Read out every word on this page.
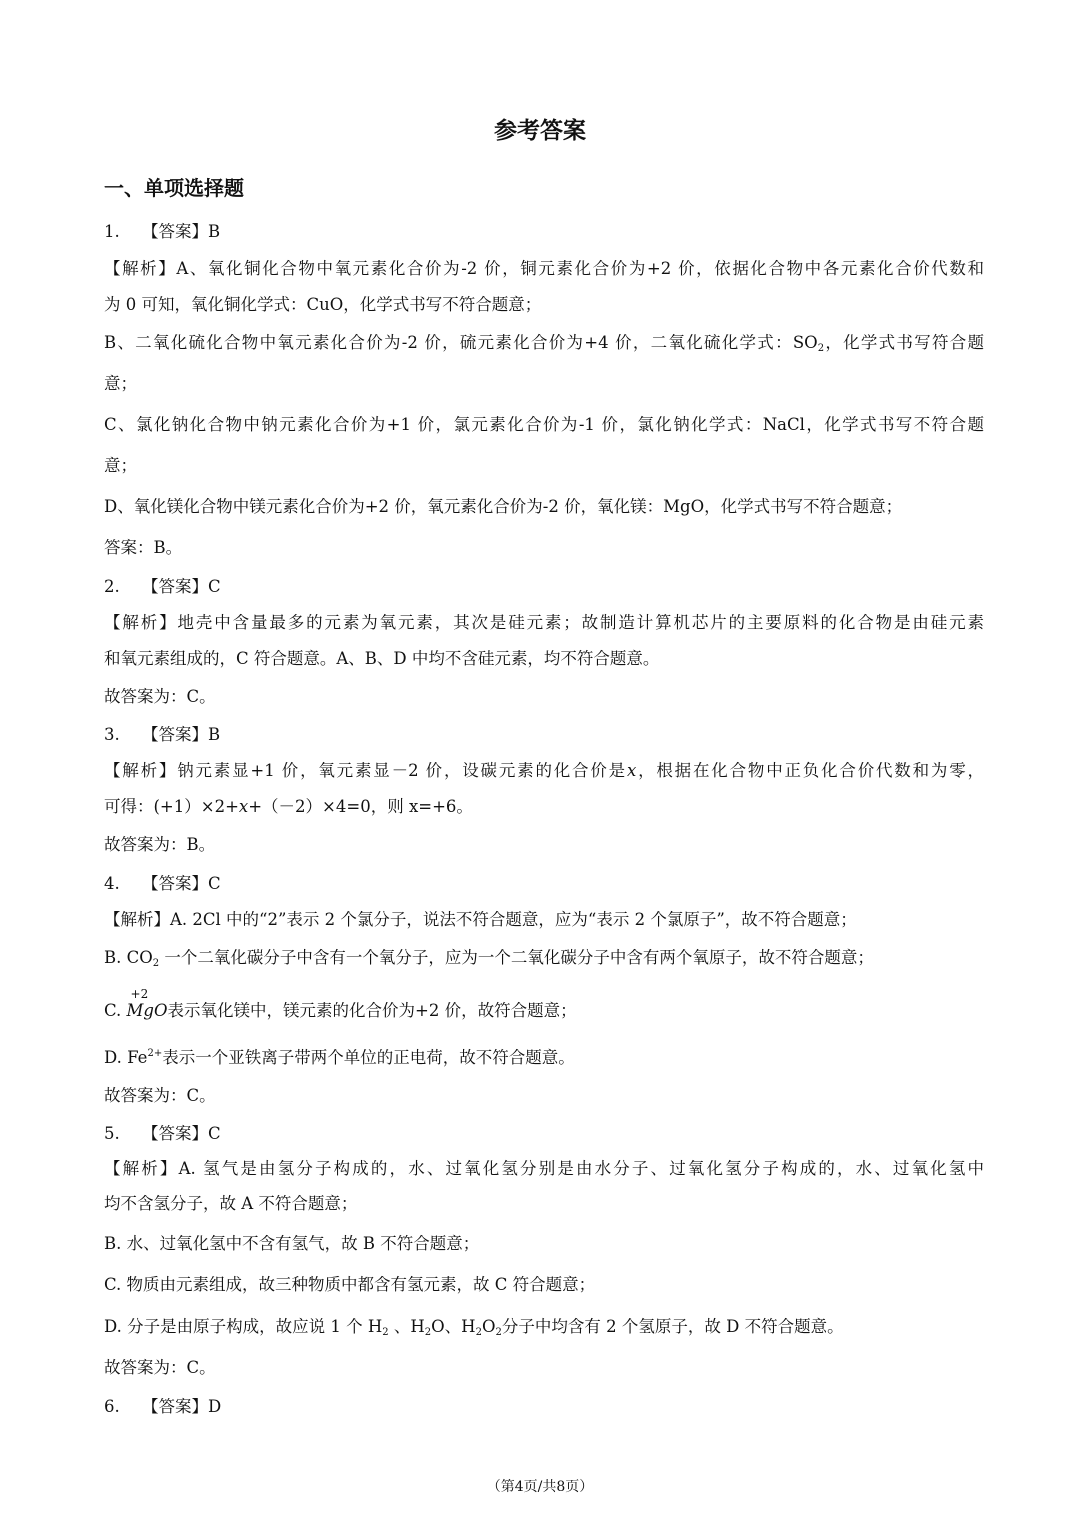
参考答案
一、单项选择题
1. 【答案】B
【解析】A、氧化铜化合物中氧元素化合价为-2 价，铜元素化合价为+2 价，依据化合物中各元素化合价代数和
为 0 可知，氧化铜化学式：CuO，化学式书写不符合题意；
B、二氧化硫化合物中氧元素化合价为-2 价，硫元素化合价为+4 价，二氧化硫化学式：$SO_2$，化学式书写符合题
意；
C、氯化钠化合物中钠元素化合价为+1 价，氯元素化合价为-1 价，氯化钠化学式：NaCl，化学式书写不符合题
意；
D、氧化镁化合物中镁元素化合价为+2 价，氧元素化合价为-2 价，氧化镁：MgO，化学式书写不符合题意；
答案：B。
2. 【答案】C
【解析】地壳中含量最多的元素为氧元素，其次是硅元素；故制造计算机芯片的主要原料的化合物是由硅元素
和氧元素组成的，C 符合题意。A、B、D 中均不含硅元素，均不符合题意。
故答案为：C。
3. 【答案】B
【解析】钠元素显+1 价，氧元素显－2 价，设碳元素的化合价是x，根据在化合物中正负化合价代数和为零，
可得：(+1）×2+x+（－2）×4=0，则 x=+6。
故答案为：B。
4. 【答案】C
【解析】A. 2Cl 中的“2”表示 2 个氯分子，说法不符合题意，应为“表示 2 个氯原子”，故不符合题意；
B. $CO_2$ 一个二氧化碳分子中含有一个氧分子，应为一个二氧化碳分子中含有两个氧原子，故不符合题意；
C.
+2
MgO表示氧化镁中，镁元素的化合价为+2 价，故符合题意；
D. $Fe^{2+}$表示一个亚铁离子带两个单位的正电荷，故不符合题意。
故答案为：C。
5. 【答案】C
【解析】A. 氢气是由氢分子构成的，水、过氧化氢分别是由水分子、过氧化氢分子构成的，水、过氧化氢中
均不含氢分子，故 A 不符合题意；
B. 水、过氧化氢中不含有氢气，故 B 不符合题意；
C. 物质由元素组成，故三种物质中都含有氢元素，故 C 符合题意；
D. 分子是由原子构成，故应说 1 个 $H_2$ 、$H_2O$、$H_2O_2$分子中均含有 2 个氢原子，故 D 不符合题意。
故答案为：C。
6. 【答案】D
（第4页/共8页）
